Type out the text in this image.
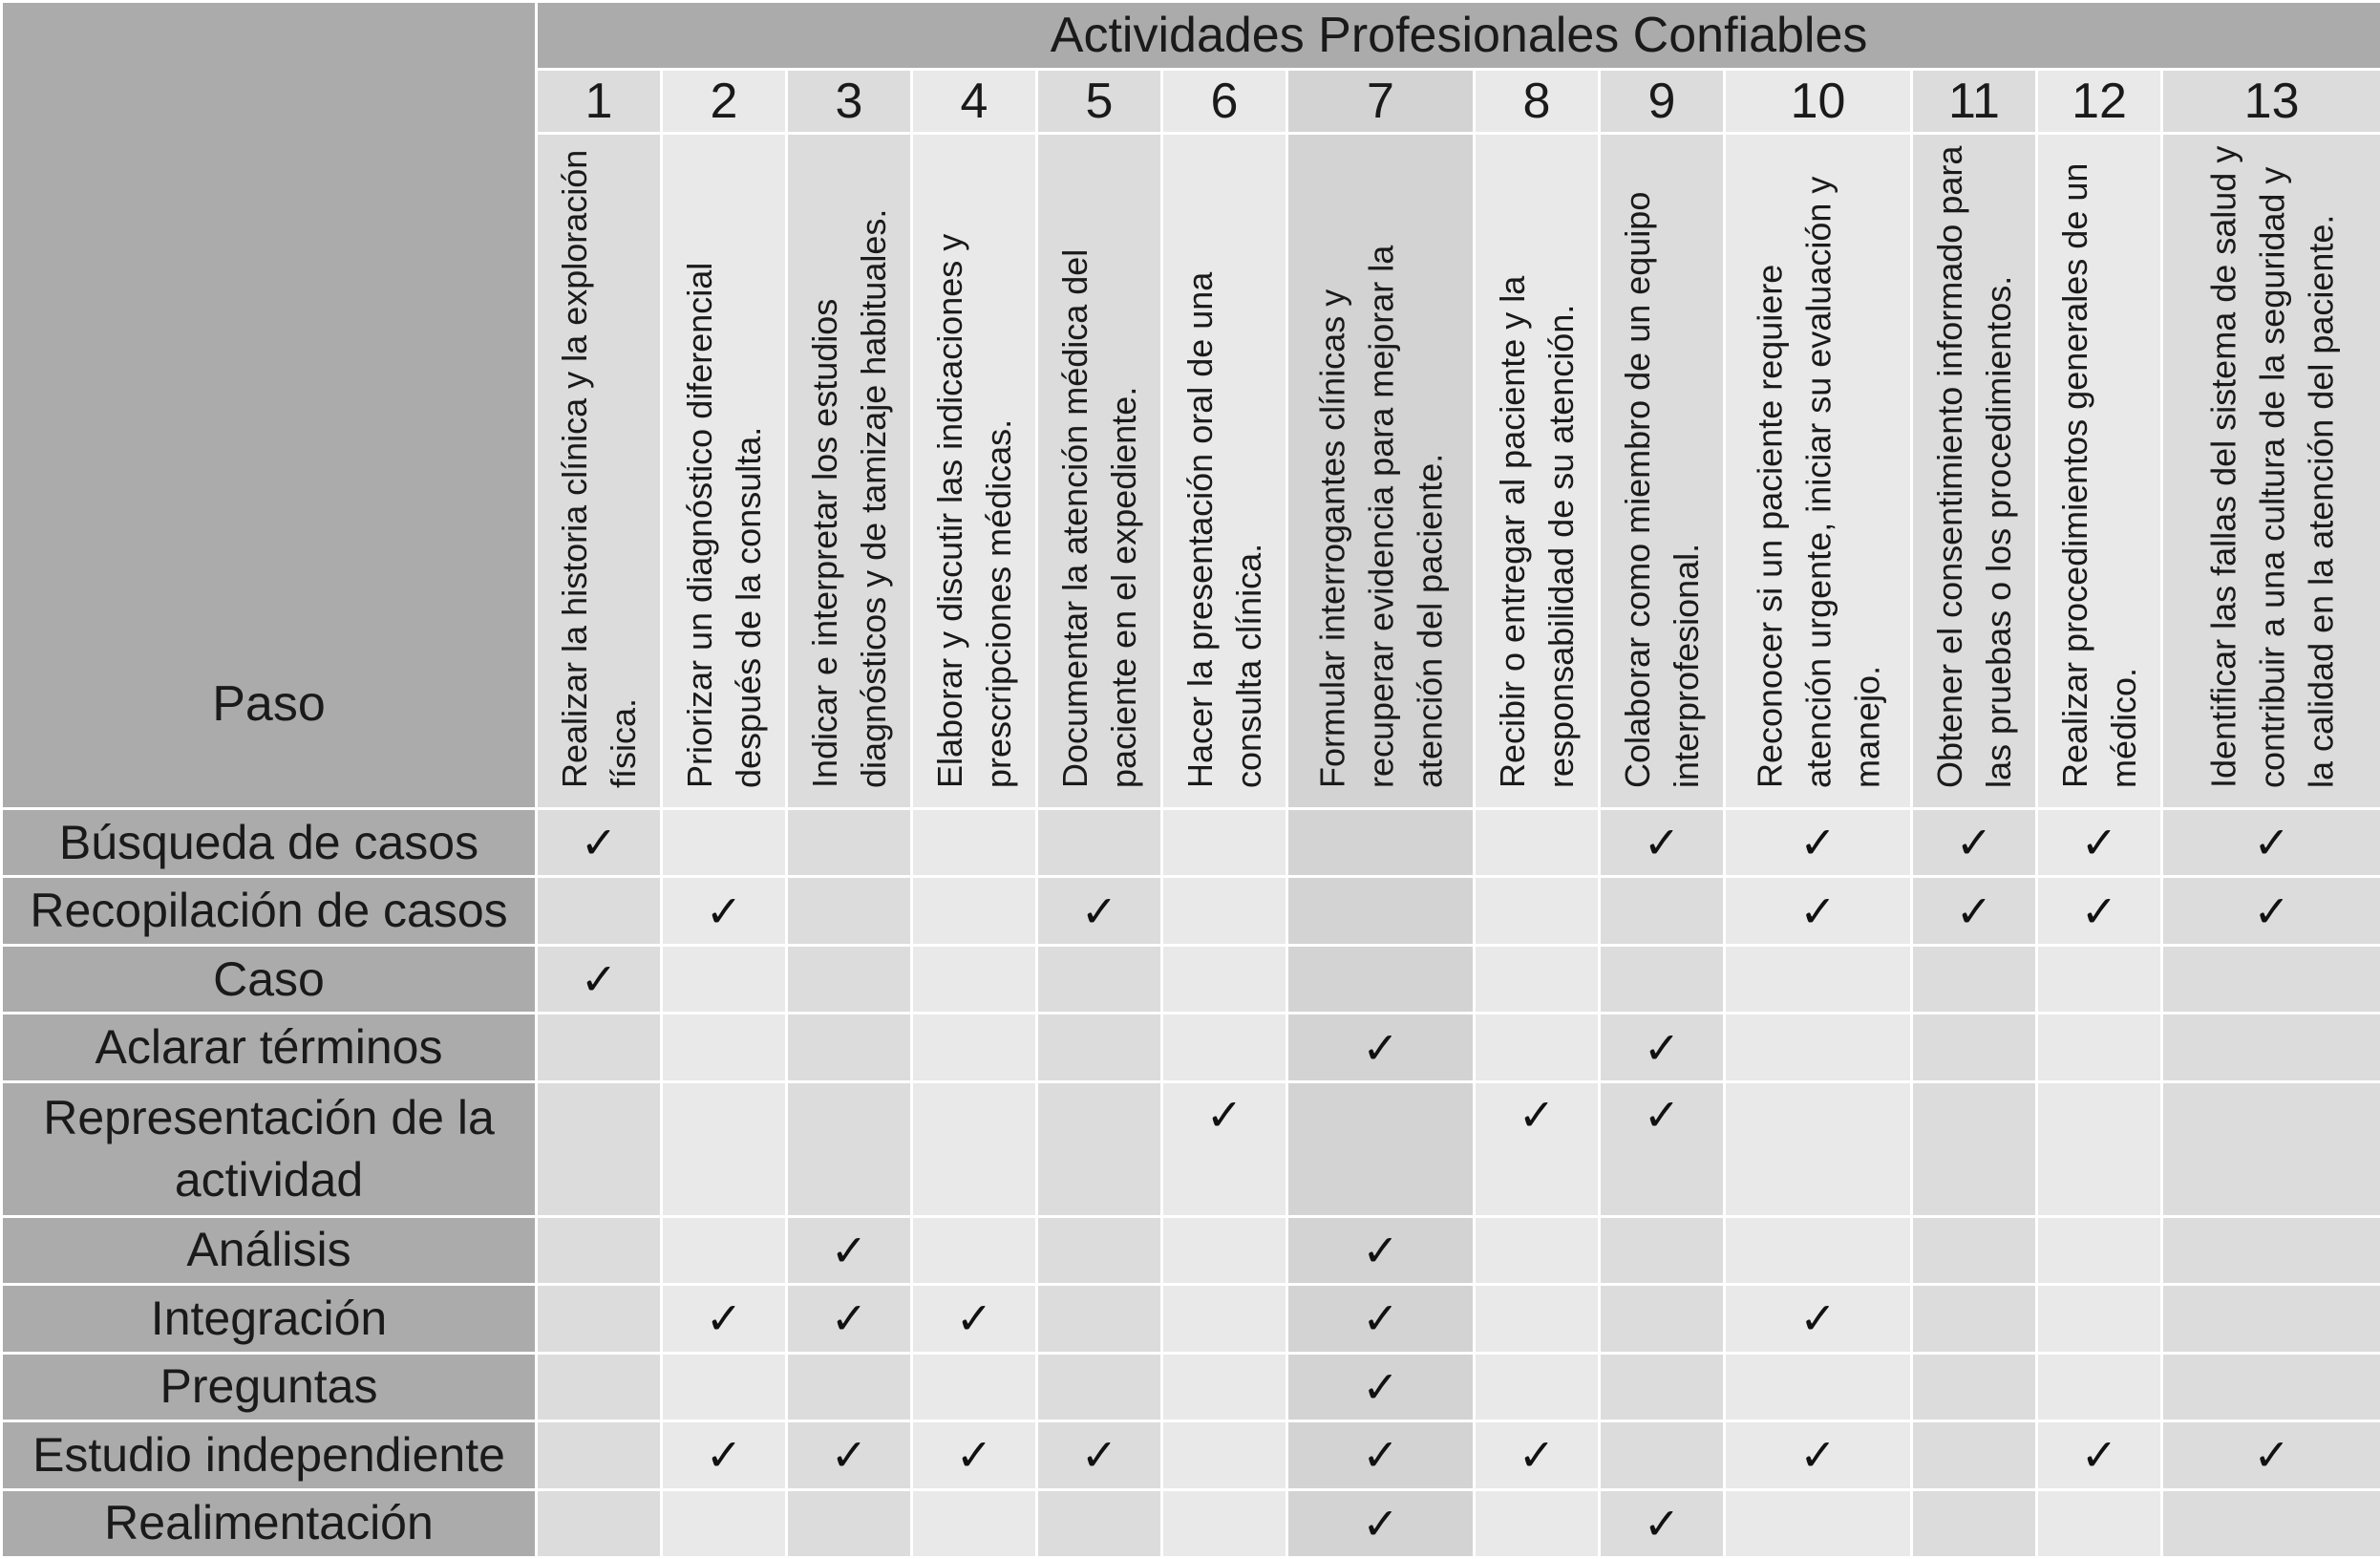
Paso	Actividades Profesionales Confiables												
	1	2	3	4	5	6	7	8	9	10	11	12	13

	Realizar la historia clínica y la exploración física.	Priorizar un diagnóstico diferencial después de la consulta.	Indicar e interpretar los estudios diagnósticos y de tamizaje habituales.	Elaborar y discutir las indicaciones y prescripciones médicas.	Documentar la atención médica del paciente en el expediente.	Hacer la presentación oral de una consulta clínica.	Formular interrogantes clínicas y recuperar evidencia para mejorar la atención del paciente.	Recibir o entregar al paciente y la responsabilidad de su atención.	Colaborar como miembro de un equipo interprofesional.	Reconocer si un paciente requiere atención urgente, iniciar su evaluación y manejo.	Obtener el consentimiento informado para las pruebas o los procedimientos.	Realizar procedimientos generales de un médico.	Identificar las fallas del sistema de salud y contribuir a una cultura de la seguridad y la calidad en la atención del paciente.

Búsqueda de casos	✓								✓	✓	✓	✓	✓
Recopilación de casos		✓			✓					✓	✓	✓	✓
Caso	✓												
Aclarar términos							✓		✓				
Representación de la actividad						✓		✓	✓				
Análisis			✓				✓						
Integración		✓	✓	✓			✓			✓			
Preguntas							✓						
Estudio independiente		✓	✓	✓	✓		✓	✓		✓		✓	✓
Realimentación							✓		✓				
